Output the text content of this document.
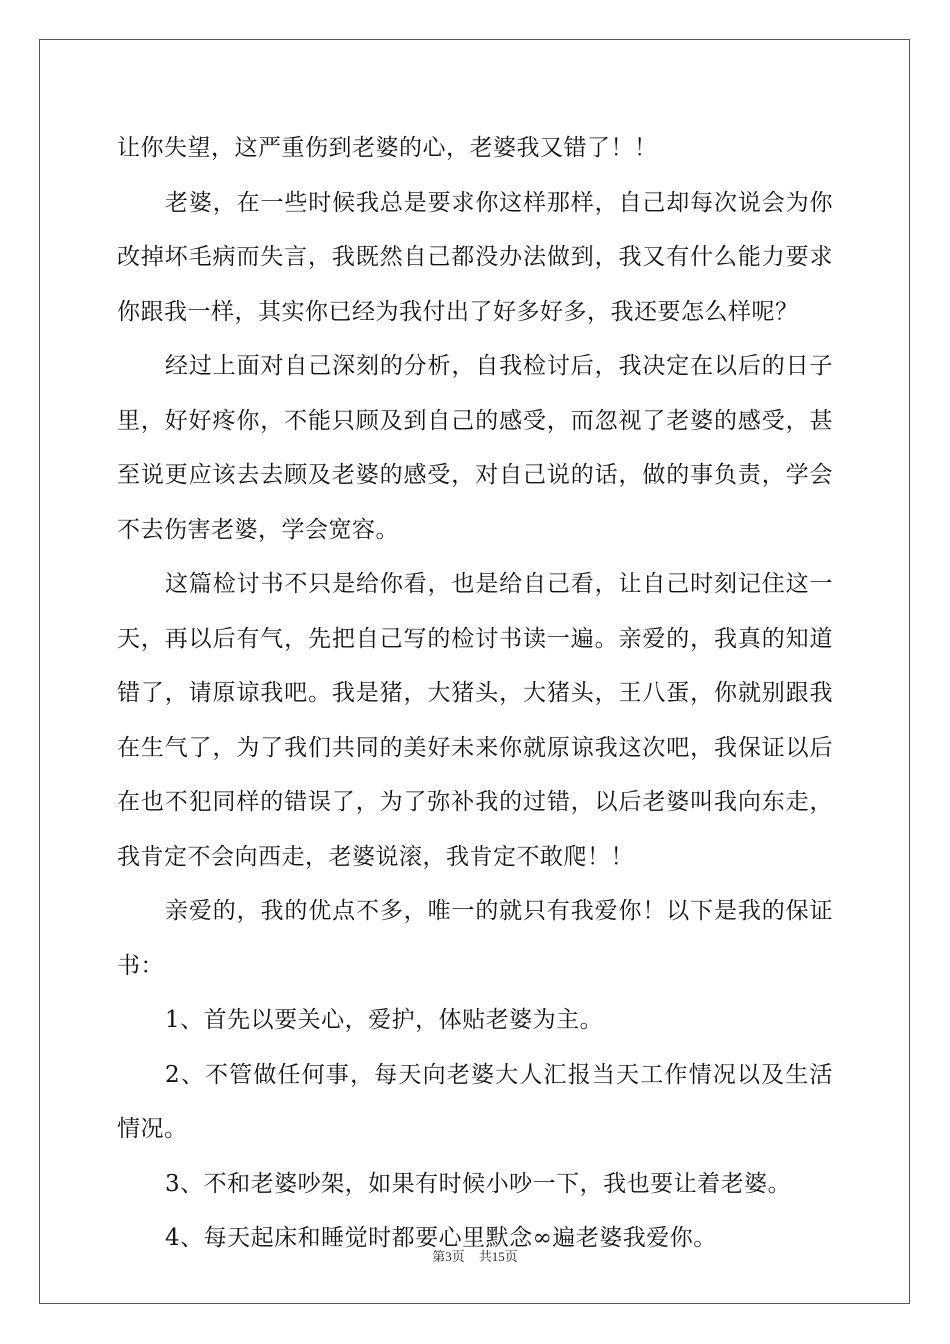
让你失望，这严重伤到老婆的心，老婆我又错了！！

老婆，在一些时候我总是要求你这样那样，自己却每次说会为你改掉坏毛病而失言，我既然自己都没办法做到，我又有什么能力要求你跟我一样，其实你已经为我付出了好多好多，我还要怎么样呢？

经过上面对自己深刻的分析，自我检讨后，我决定在以后的日子里，好好疼你，不能只顾及到自己的感受，而忽视了老婆的感受，甚至说更应该去去顾及老婆的感受，对自己说的话，做的事负责，学会不去伤害老婆，学会宽容。

这篇检讨书不只是给你看，也是给自己看，让自己时刻记住这一天，再以后有气，先把自己写的检讨书读一遍。亲爱的，我真的知道错了，请原谅我吧。我是猪，大猪头，大猪头，王八蛋，你就别跟我在生气了，为了我们共同的美好未来你就原谅我这次吧，我保证以后在也不犯同样的错误了，为了弥补我的过错，以后老婆叫我向东走，我肯定不会向西走，老婆说滚，我肯定不敢爬！！

亲爱的，我的优点不多，唯一的就只有我爱你！以下是我的保证书：

1、首先以要关心，爱护，体贴老婆为主。

2、不管做任何事，每天向老婆大人汇报当天工作情况以及生活情况。

3、不和老婆吵架，如果有时候小吵一下，我也要让着老婆。

4、每天起床和睡觉时都要心里默念∞遍老婆我爱你。

第3页 共15页
